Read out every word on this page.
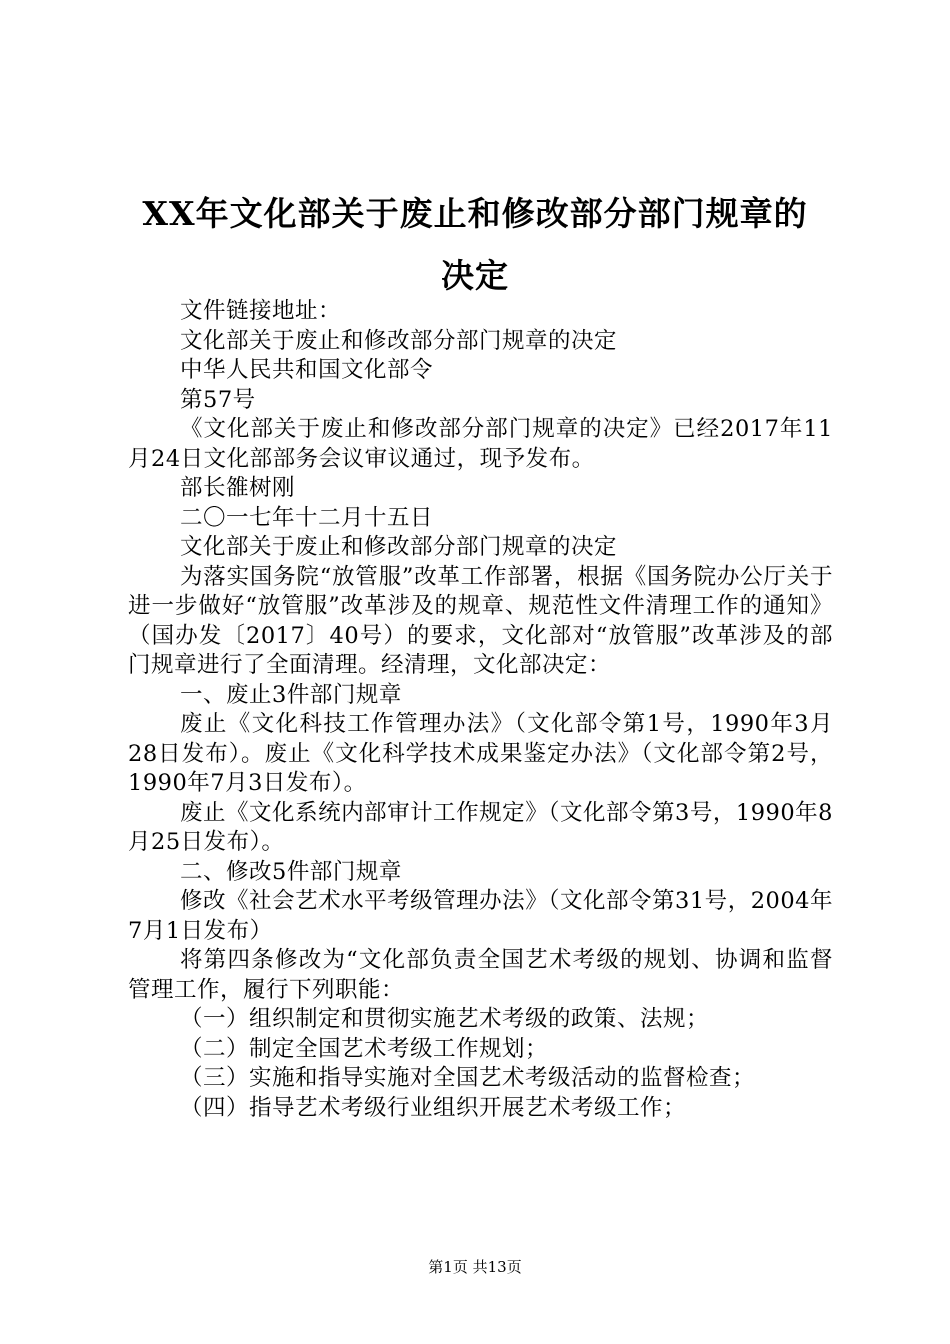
XX年文化部关于废止和修改部分部门规章的
决定

文件链接地址：

文化部关于废止和修改部分部门规章的决定

中华人民共和国文化部令

第57号

《文化部关于废止和修改部分部门规章的决定》已经2017年11月24日文化部部务会议审议通过，现予发布。

部长雒树刚

二〇一七年十二月十五日

文化部关于废止和修改部分部门规章的决定

为落实国务院“放管服”改革工作部署，根据《国务院办公厅关于进一步做好“放管服”改革涉及的规章、规范性文件清理工作的通知》（国办发〔2017〕40号）的要求，文化部对“放管服”改革涉及的部门规章进行了全面清理。经清理，文化部决定：

一、废止3件部门规章

废止《文化科技工作管理办法》（文化部令第1号，1990年3月28日发布）。废止《文化科学技术成果鉴定办法》（文化部令第2号，1990年7月3日发布）。

废止《文化系统内部审计工作规定》（文化部令第3号，1990年8月25日发布）。

二、修改5件部门规章

修改《社会艺术水平考级管理办法》（文化部令第31号，2004年7月1日发布）

将第四条修改为“文化部负责全国艺术考级的规划、协调和监督管理工作，履行下列职能：

（一）组织制定和贯彻实施艺术考级的政策、法规；

（二）制定全国艺术考级工作规划；

（三）实施和指导实施对全国艺术考级活动的监督检查；

（四）指导艺术考级行业组织开展艺术考级工作；

第1页 共13页
